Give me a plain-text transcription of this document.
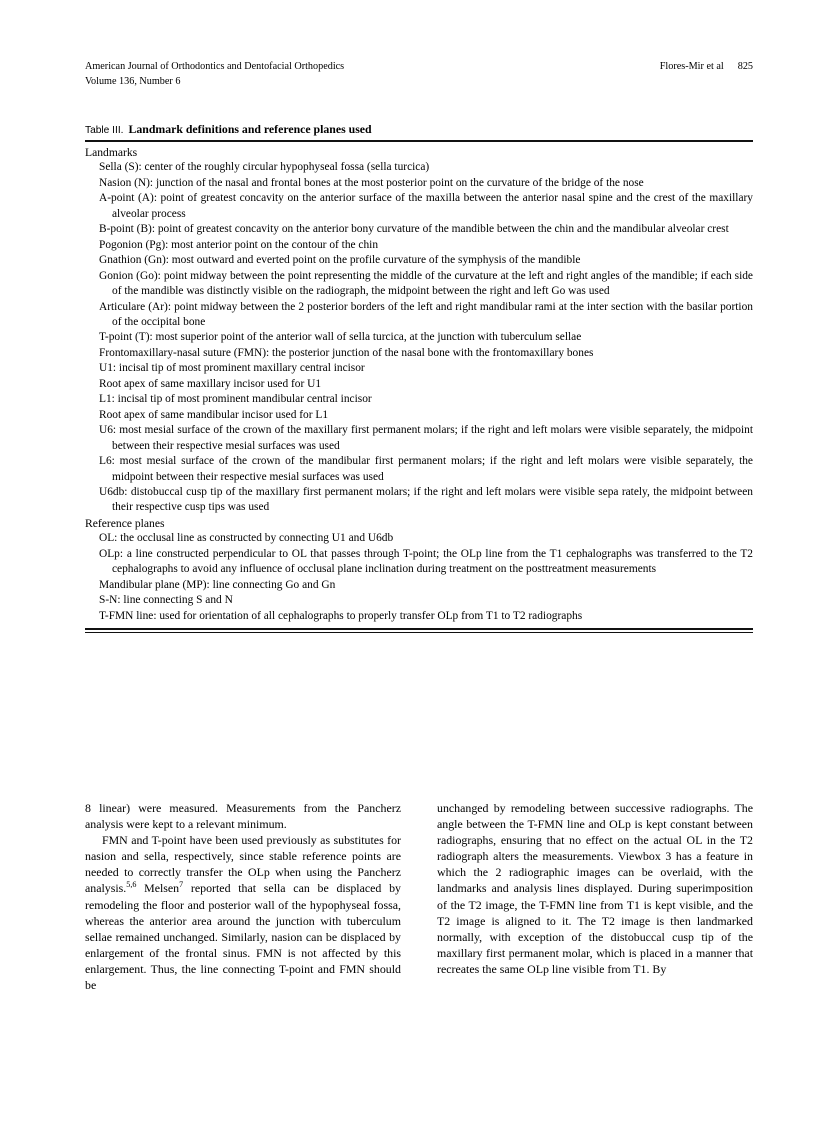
American Journal of Orthodontics and Dentofacial Orthopedics
Volume 136, Number 6
Flores-Mir et al 825
Table III. Landmark definitions and reference planes used
Landmarks
Sella (S): center of the roughly circular hypophyseal fossa (sella turcica)
Nasion (N): junction of the nasal and frontal bones at the most posterior point on the curvature of the bridge of the nose
A-point (A): point of greatest concavity on the anterior surface of the maxilla between the anterior nasal spine and the crest of the maxillary alveolar process
B-point (B): point of greatest concavity on the anterior bony curvature of the mandible between the chin and the mandibular alveolar crest
Pogonion (Pg): most anterior point on the contour of the chin
Gnathion (Gn): most outward and everted point on the profile curvature of the symphysis of the mandible
Gonion (Go): point midway between the point representing the middle of the curvature at the left and right angles of the mandible; if each side of the mandible was distinctly visible on the radiograph, the midpoint between the right and left Go was used
Articulare (Ar): point midway between the 2 posterior borders of the left and right mandibular rami at the inter section with the basilar portion of the occipital bone
T-point (T): most superior point of the anterior wall of sella turcica, at the junction with tuberculum sellae
Frontomaxillary-nasal suture (FMN): the posterior junction of the nasal bone with the frontomaxillary bones
U1: incisal tip of most prominent maxillary central incisor
Root apex of same maxillary incisor used for U1
L1: incisal tip of most prominent mandibular central incisor
Root apex of same mandibular incisor used for L1
U6: most mesial surface of the crown of the maxillary first permanent molars; if the right and left molars were visible separately, the midpoint between their respective mesial surfaces was used
L6: most mesial surface of the crown of the mandibular first permanent molars; if the right and left molars were visible separately, the midpoint between their respective mesial surfaces was used
U6db: distobuccal cusp tip of the maxillary first permanent molars; if the right and left molars were visible sepa rately, the midpoint between their respective cusp tips was used
Reference planes
OL: the occlusal line as constructed by connecting U1 and U6db
OLp: a line constructed perpendicular to OL that passes through T-point; the OLp line from the T1 cephalographs was transferred to the T2 cephalographs to avoid any influence of occlusal plane inclination during treatment on the posttreatment measurements
Mandibular plane (MP): line connecting Go and Gn
S-N: line connecting S and N
T-FMN line: used for orientation of all cephalographs to properly transfer OLp from T1 to T2 radiographs

8 linear) were measured. Measurements from the Pancherz analysis were kept to a relevant minimum.

FMN and T-point have been used previously as substitutes for nasion and sella, respectively, since stable reference points are needed to correctly transfer the OLp when using the Pancherz analysis.$^{5,6}$ Melsen$^7$ reported that sella can be displaced by remodeling the floor and posterior wall of the hypophyseal fossa, whereas the anterior area around the junction with tuberculum sellae remained unchanged. Similarly, nasion can be displaced by enlargement of the frontal sinus. FMN is not affected by this enlargement. Thus, the line connecting T-point and FMN should be

unchanged by remodeling between successive radiographs. The angle between the T-FMN line and OLp is kept constant between radiographs, ensuring that no effect on the actual OL in the T2 radiograph alters the measurements. Viewbox 3 has a feature in which the 2 radiographic images can be overlaid, with the landmarks and analysis lines displayed. During superimposition of the T2 image, the T-FMN line from T1 is kept visible, and the T2 image is aligned to it. The T2 image is then landmarked normally, with exception of the distobuccal cusp tip of the maxillary first permanent molar, which is placed in a manner that recreates the same OLp line visible from T1. By
